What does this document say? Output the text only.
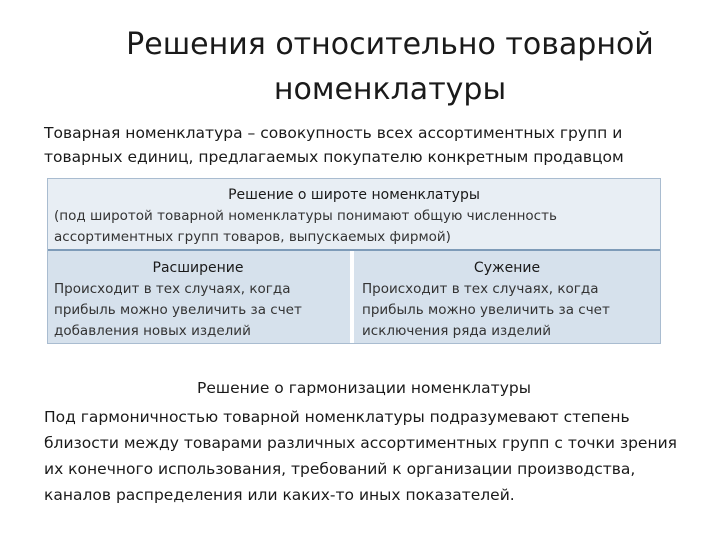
Решения относительно товарной номенклатуры
Товарная номенклатура – совокупность всех ассортиментных групп и товарных единиц, предлагаемых покупателю конкретным продавцом
Решение о широте номенклатуры
(под широтой товарной номенклатуры понимают общую численность ассортиментных групп товаров, выпускаемых фирмой)
Расширение
Происходит в тех случаях, когда прибыль можно увеличить за счет добавления новых изделий
Сужение
Происходит в тех случаях, когда прибыль можно увеличить за счет исключения ряда изделий
Решение о гармонизации номенклатуры
Под гармоничностью товарной номенклатуры подразумевают степень близости между товарами различных ассортиментных групп с точки зрения их конечного использования, требований к организации производства, каналов распределения или каких-то иных показателей.
